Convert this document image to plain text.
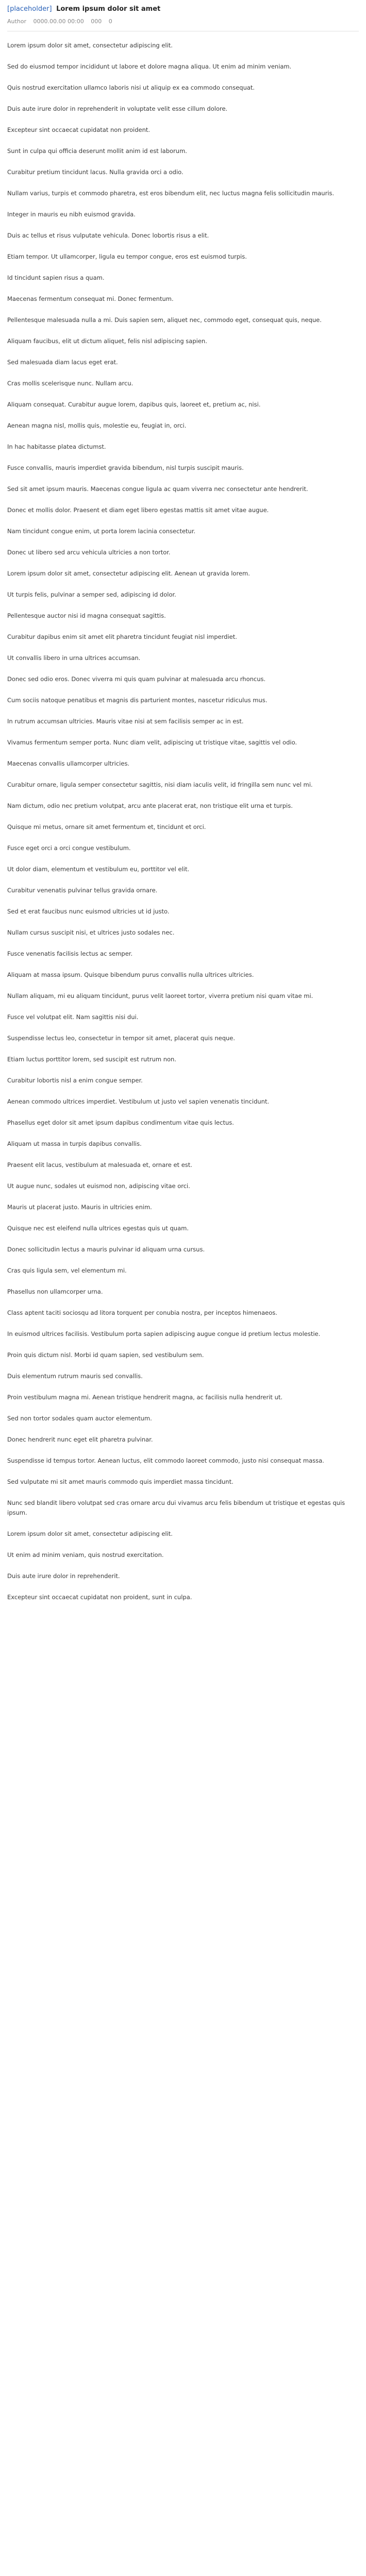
[placeholder] Lorem ipsum dolor sit amet
Author 0000.00.00 00:00 000 0

Lorem ipsum dolor sit amet, consectetur adipiscing elit.

Sed do eiusmod tempor incididunt ut labore et dolore magna aliqua. Ut enim ad minim veniam.

Quis nostrud exercitation ullamco laboris nisi ut aliquip ex ea commodo consequat.

Duis aute irure dolor in reprehenderit in voluptate velit esse cillum dolore.

Excepteur sint occaecat cupidatat non proident.

Sunt in culpa qui officia deserunt mollit anim id est laborum.

Curabitur pretium tincidunt lacus. Nulla gravida orci a odio.

Nullam varius, turpis et commodo pharetra, est eros bibendum elit, nec luctus magna felis sollicitudin mauris.

Integer in mauris eu nibh euismod gravida.

Duis ac tellus et risus vulputate vehicula. Donec lobortis risus a elit.

Etiam tempor. Ut ullamcorper, ligula eu tempor congue, eros est euismod turpis.

Id tincidunt sapien risus a quam.

Maecenas fermentum consequat mi. Donec fermentum.

Pellentesque malesuada nulla a mi. Duis sapien sem, aliquet nec, commodo eget, consequat quis, neque.

Aliquam faucibus, elit ut dictum aliquet, felis nisl adipiscing sapien.

Sed malesuada diam lacus eget erat.

Cras mollis scelerisque nunc. Nullam arcu.

Aliquam consequat. Curabitur augue lorem, dapibus quis, laoreet et, pretium ac, nisi.

Aenean magna nisl, mollis quis, molestie eu, feugiat in, orci.

In hac habitasse platea dictumst.

Fusce convallis, mauris imperdiet gravida bibendum, nisl turpis suscipit mauris.

Sed sit amet ipsum mauris. Maecenas congue ligula ac quam viverra nec consectetur ante hendrerit.

Donec et mollis dolor. Praesent et diam eget libero egestas mattis sit amet vitae augue.

Nam tincidunt congue enim, ut porta lorem lacinia consectetur.

Donec ut libero sed arcu vehicula ultricies a non tortor.

Lorem ipsum dolor sit amet, consectetur adipiscing elit. Aenean ut gravida lorem.

Ut turpis felis, pulvinar a semper sed, adipiscing id dolor.

Pellentesque auctor nisi id magna consequat sagittis.

Curabitur dapibus enim sit amet elit pharetra tincidunt feugiat nisl imperdiet.

Ut convallis libero in urna ultrices accumsan.

Donec sed odio eros. Donec viverra mi quis quam pulvinar at malesuada arcu rhoncus.

Cum sociis natoque penatibus et magnis dis parturient montes, nascetur ridiculus mus.

In rutrum accumsan ultricies. Mauris vitae nisi at sem facilisis semper ac in est.

Vivamus fermentum semper porta. Nunc diam velit, adipiscing ut tristique vitae, sagittis vel odio.

Maecenas convallis ullamcorper ultricies.

Curabitur ornare, ligula semper consectetur sagittis, nisi diam iaculis velit, id fringilla sem nunc vel mi.

Nam dictum, odio nec pretium volutpat, arcu ante placerat erat, non tristique elit urna et turpis.

Quisque mi metus, ornare sit amet fermentum et, tincidunt et orci.

Fusce eget orci a orci congue vestibulum.

Ut dolor diam, elementum et vestibulum eu, porttitor vel elit.

Curabitur venenatis pulvinar tellus gravida ornare.

Sed et erat faucibus nunc euismod ultricies ut id justo.

Nullam cursus suscipit nisi, et ultrices justo sodales nec.

Fusce venenatis facilisis lectus ac semper.

Aliquam at massa ipsum. Quisque bibendum purus convallis nulla ultrices ultricies.

Nullam aliquam, mi eu aliquam tincidunt, purus velit laoreet tortor, viverra pretium nisi quam vitae mi.

Fusce vel volutpat elit. Nam sagittis nisi dui.

Suspendisse lectus leo, consectetur in tempor sit amet, placerat quis neque.

Etiam luctus porttitor lorem, sed suscipit est rutrum non.

Curabitur lobortis nisl a enim congue semper.

Aenean commodo ultrices imperdiet. Vestibulum ut justo vel sapien venenatis tincidunt.

Phasellus eget dolor sit amet ipsum dapibus condimentum vitae quis lectus.

Aliquam ut massa in turpis dapibus convallis.

Praesent elit lacus, vestibulum at malesuada et, ornare et est.

Ut augue nunc, sodales ut euismod non, adipiscing vitae orci.

Mauris ut placerat justo. Mauris in ultricies enim.

Quisque nec est eleifend nulla ultrices egestas quis ut quam.

Donec sollicitudin lectus a mauris pulvinar id aliquam urna cursus.

Cras quis ligula sem, vel elementum mi.

Phasellus non ullamcorper urna.

Class aptent taciti sociosqu ad litora torquent per conubia nostra, per inceptos himenaeos.

In euismod ultrices facilisis. Vestibulum porta sapien adipiscing augue congue id pretium lectus molestie.

Proin quis dictum nisl. Morbi id quam sapien, sed vestibulum sem.

Duis elementum rutrum mauris sed convallis.

Proin vestibulum magna mi. Aenean tristique hendrerit magna, ac facilisis nulla hendrerit ut.

Sed non tortor sodales quam auctor elementum.

Donec hendrerit nunc eget elit pharetra pulvinar.

Suspendisse id tempus tortor. Aenean luctus, elit commodo laoreet commodo, justo nisi consequat massa.

Sed vulputate mi sit amet mauris commodo quis imperdiet massa tincidunt.

Nunc sed blandit libero volutpat sed cras ornare arcu dui vivamus arcu felis bibendum ut tristique et egestas quis ipsum.

Lorem ipsum dolor sit amet, consectetur adipiscing elit.

Ut enim ad minim veniam, quis nostrud exercitation.

Duis aute irure dolor in reprehenderit.

Excepteur sint occaecat cupidatat non proident, sunt in culpa.
